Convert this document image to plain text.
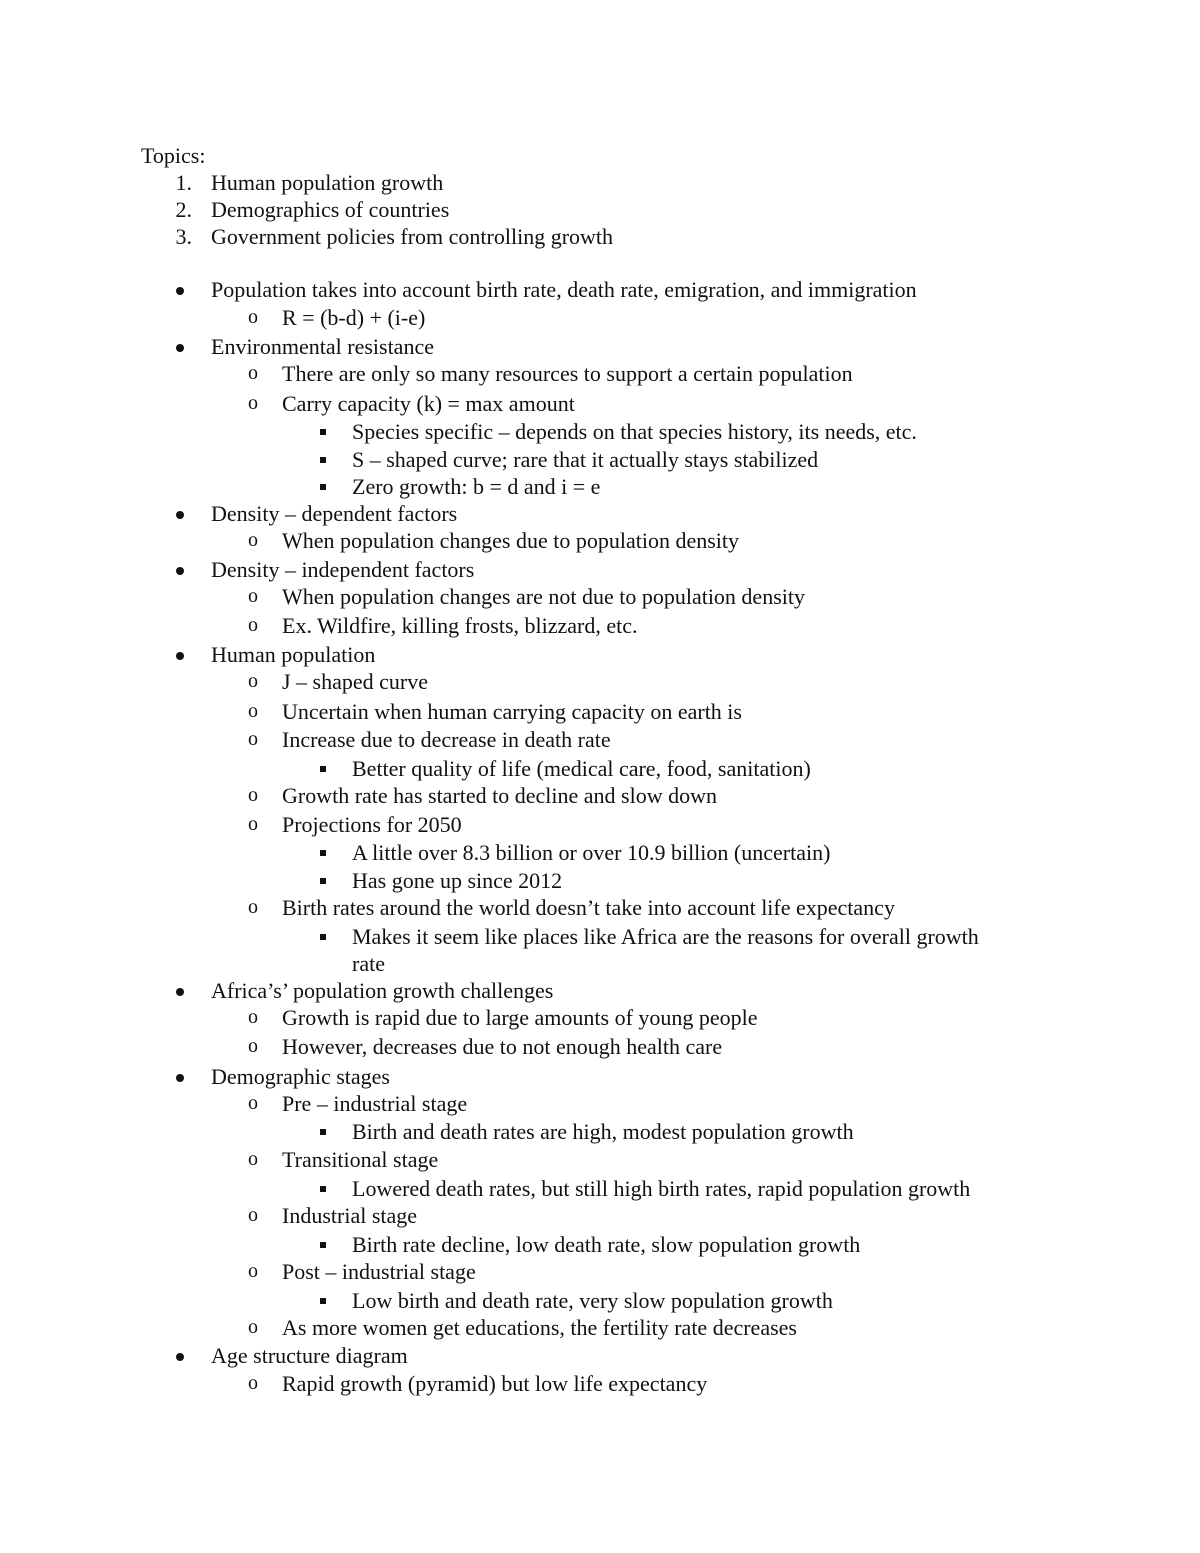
Topics:
1. Human population growth
2. Demographics of countries
3. Government policies from controlling growth
Population takes into account birth rate, death rate, emigration, and immigration
o R = (b-d) + (i-e)
Environmental resistance
o There are only so many resources to support a certain population
o Carry capacity (k) = max amount
Species specific – depends on that species history, its needs, etc.
S – shaped curve; rare that it actually stays stabilized
Zero growth: b = d and i = e
Density – dependent factors
o When population changes due to population density
Density – independent factors
o When population changes are not due to population density
o Ex. Wildfire, killing frosts, blizzard, etc.
Human population
o J – shaped curve
o Uncertain when human carrying capacity on earth is
o Increase due to decrease in death rate
Better quality of life (medical care, food, sanitation)
o Growth rate has started to decline and slow down
o Projections for 2050
A little over 8.3 billion or over 10.9 billion (uncertain)
Has gone up since 2012
o Birth rates around the world doesn’t take into account life expectancy
Makes it seem like places like Africa are the reasons for overall growth
rate
Africa’s’ population growth challenges
o Growth is rapid due to large amounts of young people
o However, decreases due to not enough health care
Demographic stages
o Pre – industrial stage
Birth and death rates are high, modest population growth
o Transitional stage
Lowered death rates, but still high birth rates, rapid population growth
o Industrial stage
Birth rate decline, low death rate, slow population growth
o Post – industrial stage
Low birth and death rate, very slow population growth
o As more women get educations, the fertility rate decreases
Age structure diagram
o Rapid growth (pyramid) but low life expectancy
